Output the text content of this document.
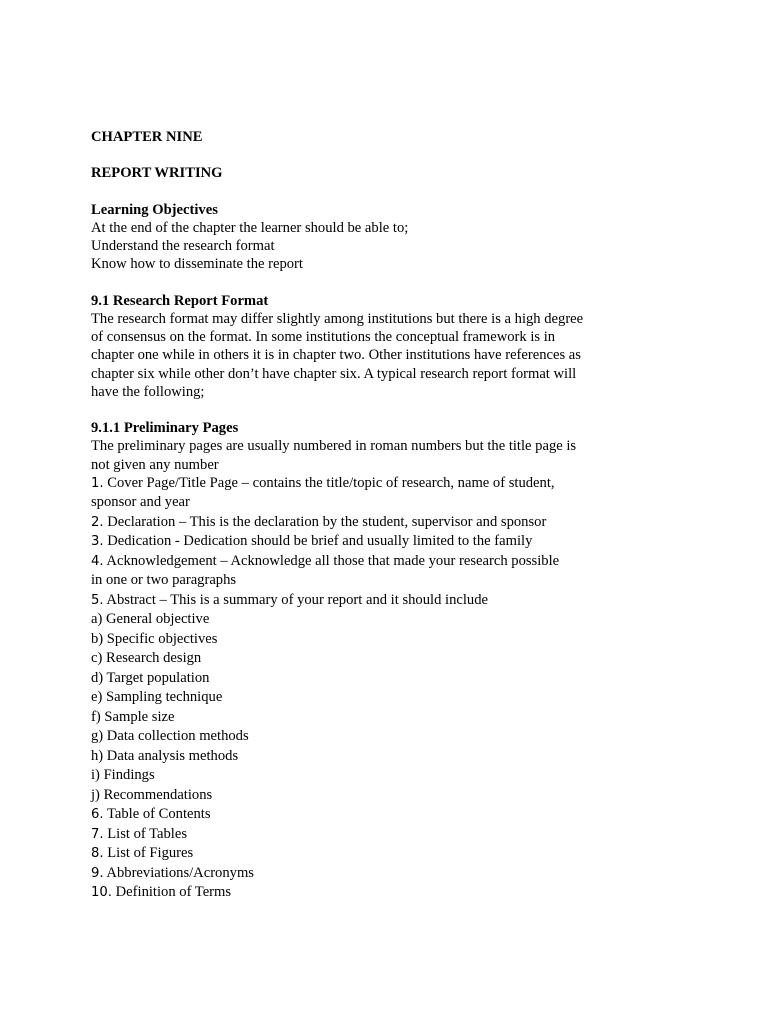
CHAPTER NINE
REPORT WRITING
Learning Objectives
At the end of the chapter the learner should be able to;
Understand the research format
Know how to disseminate the report
9.1 Research Report Format
The research format may differ slightly among institutions but there is a high degree
of consensus on the format. In some institutions the conceptual framework is in
chapter one while in others it is in chapter two. Other institutions have references as
chapter six while other don’t have chapter six. A typical research report format will
have the following;
9.1.1 Preliminary Pages
The preliminary pages are usually numbered in roman numbers but the title page is
not given any number
1. Cover Page/Title Page – contains the title/topic of research, name of student,
sponsor and year
2. Declaration – This is the declaration by the student, supervisor and sponsor
3. Dedication - Dedication should be brief and usually limited to the family
4. Acknowledgement – Acknowledge all those that made your research possible
in one or two paragraphs
5. Abstract – This is a summary of your report and it should include
a) General objective
b) Specific objectives
c) Research design
d) Target population
e) Sampling technique
f) Sample size
g) Data collection methods
h) Data analysis methods
i) Findings
j) Recommendations
6. Table of Contents
7. List of Tables
8. List of Figures
9. Abbreviations/Acronyms
10. Definition of Terms
